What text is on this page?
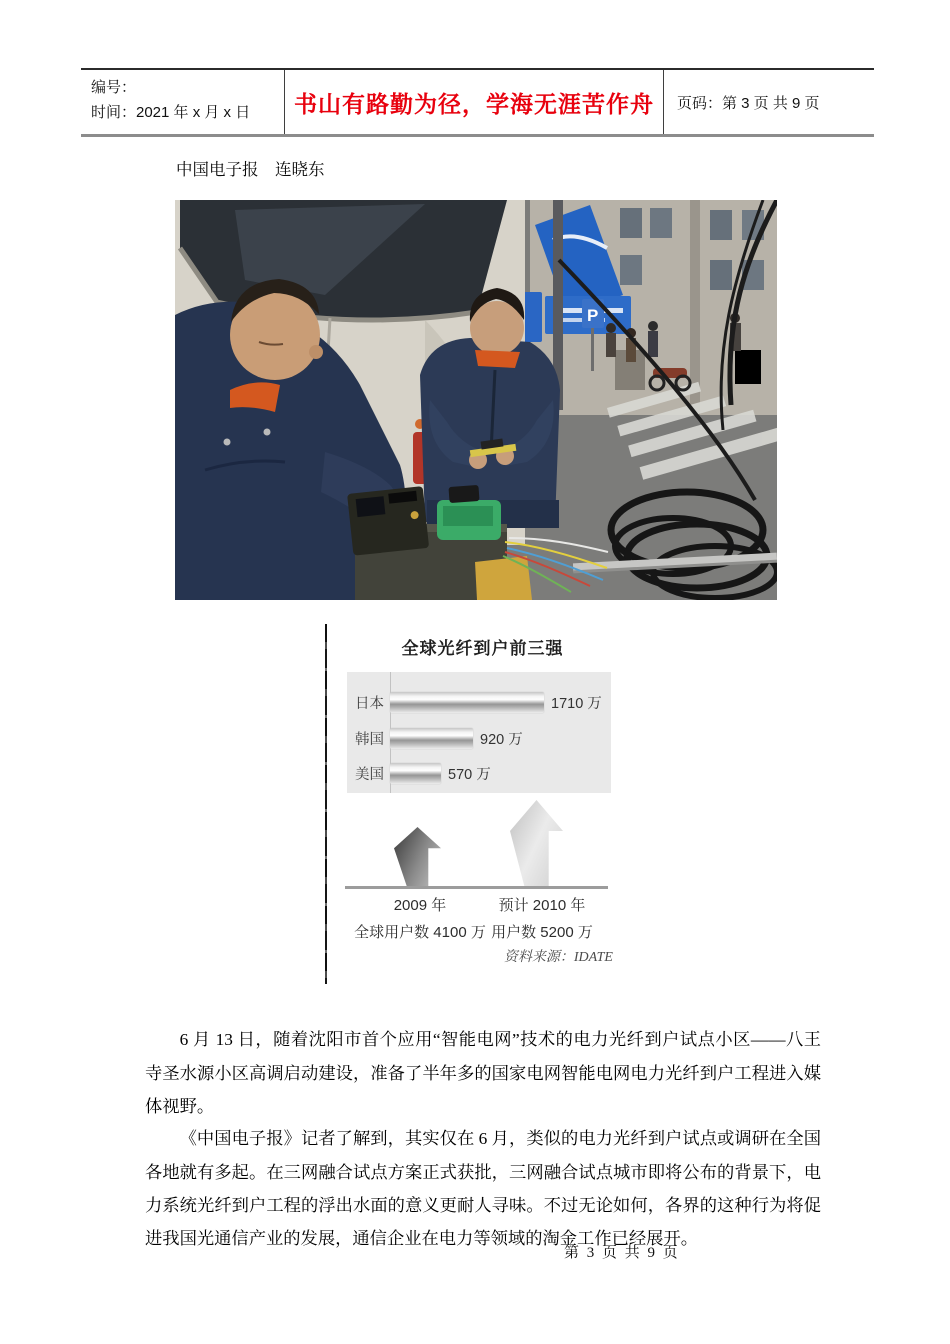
编号：
时间：2021 年 x 月 x 日	书山有路勤为径，学海无涯苦作舟 页码：第 3 页 共 9 页
中国电子报　连晓东
P
全球光纤到户前三强
日本	1710 万
韩国	920 万
美国	570 万
2009 年
全球用户数 4100 万
预计 2010 年
用户数 5200 万
资料来源：IDATE

6 月 13 日，随着沈阳市首个应用“智能电网”技术的电力光纤到户试点小区——八王寺圣水源小区高调启动建设，准备了半年多的国家电网智能电网电力光纤到户工程进入媒体视野。

《中国电子报》记者了解到，其实仅在 6 月，类似的电力光纤到户试点或调研在全国各地就有多起。在三网融合试点方案正式获批，三网融合试点城市即将公布的背景下，电力系统光纤到户工程的浮出水面的意义更耐人寻味。不过无论如何，各界的这种行为将促进我国光通信产业的发展，通信企业在电力等领域的淘金工作已经展开。

第 3 页 共 9 页
